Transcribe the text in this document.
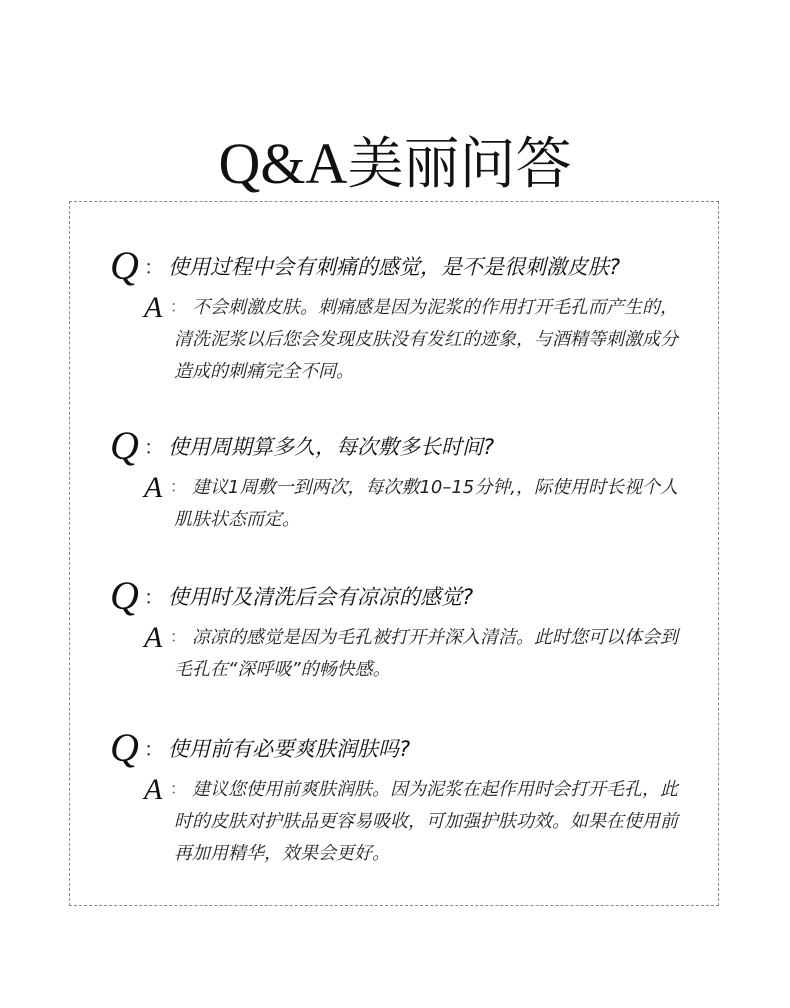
Q&A美丽问答
Q ： 使用过程中会有刺痛的感觉，是不是很刺激皮肤?
A ： 不会刺激皮肤。刺痛感是因为泥浆的作用打开毛孔而产生的，清洗泥浆以后您会发现皮肤没有发红的迹象，与酒精等刺激成分造成的刺痛完全不同。
Q ： 使用周期算多久，每次敷多长时间?
A ： 建议1周敷一到两次，每次敷10–15分钟,，际使用时长视个人肌肤状态而定。
Q ： 使用时及清洗后会有凉凉的感觉?
A ： 凉凉的感觉是因为毛孔被打开并深入清洁。此时您可以体会到毛孔在“深呼吸”的畅快感。
Q ： 使用前有必要爽肤润肤吗?
A ： 建议您使用前爽肤润肤。因为泥浆在起作用时会打开毛孔，此时的皮肤对护肤品更容易吸收，可加强护肤功效。如果在使用前再加用精华，效果会更好。
